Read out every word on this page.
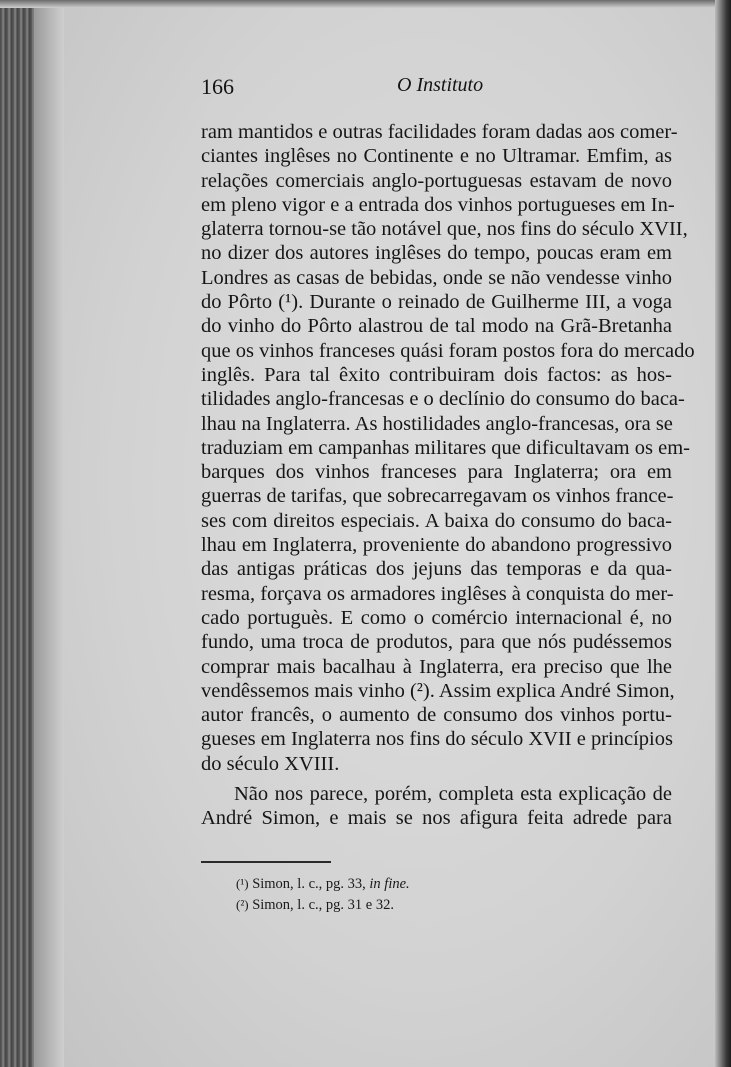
166	O Instituto
ram mantidos e outras facilidades foram dadas aos comer-
ciantes inglêses no Continente e no Ultramar. Emfim, as
relações comerciais anglo-portuguesas estavam de novo
em pleno vigor e a entrada dos vinhos portugueses em In-
glaterra tornou-se tão notável que, nos fins do século XVII,
no dizer dos autores inglêses do tempo, poucas eram em
Londres as casas de bebidas, onde se não vendesse vinho
do Pôrto (¹). Durante o reinado de Guilherme III, a voga
do vinho do Pôrto alastrou de tal modo na Grã-Bretanha
que os vinhos franceses quási foram postos fora do mercado
inglês. Para tal êxito contribuiram dois factos: as hos-
tilidades anglo-francesas e o declínio do consumo do baca-
lhau na Inglaterra. As hostilidades anglo-francesas, ora se
traduziam em campanhas militares que dificultavam os em-
barques dos vinhos franceses para Inglaterra; ora em
guerras de tarifas, que sobrecarregavam os vinhos france-
ses com direitos especiais. A baixa do consumo do baca-
lhau em Inglaterra, proveniente do abandono progressivo
das antigas práticas dos jejuns das temporas e da qua-
resma, forçava os armadores inglêses à conquista do mer-
cado portuguès. E como o comércio internacional é, no
fundo, uma troca de produtos, para que nós pudéssemos
comprar mais bacalhau à Inglaterra, era preciso que lhe
vendêssemos mais vinho (²). Assim explica André Simon,
autor francês, o aumento de consumo dos vinhos portu-
gueses em Inglaterra nos fins do século XVII e princípios
do século XVIII.
Não nos parece, porém, completa esta explicação de
André Simon, e mais se nos afigura feita adrede para
(¹) Simon, l. c., pg. 33, in fine.
(²) Simon, l. c., pg. 31 e 32.
